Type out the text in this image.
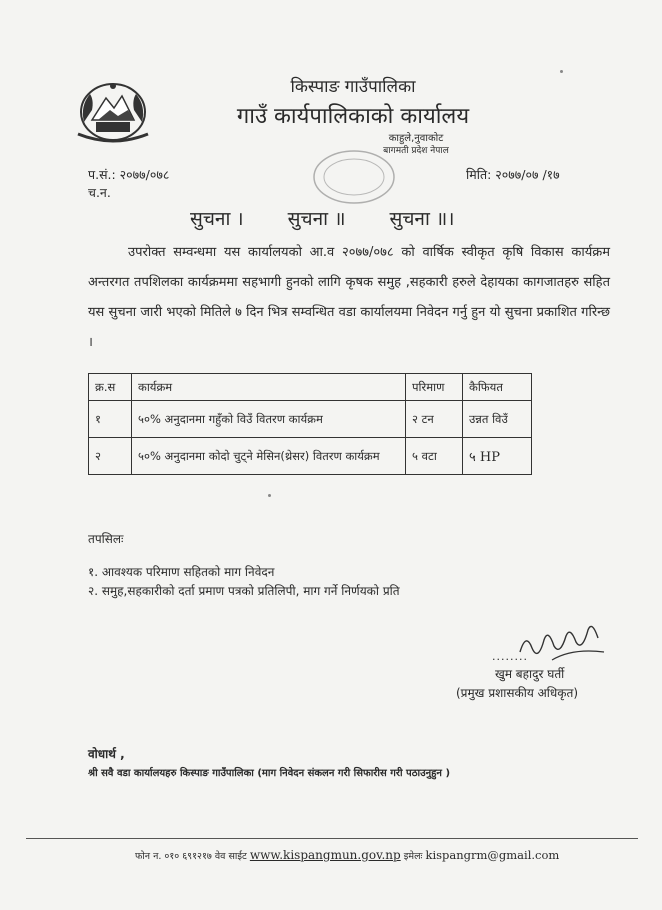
किस्पाङ गाउँपालिका
गाउँ कार्यपालिकाको कार्यालय
काहुले,नुवाकोट
बागमती प्रदेश नेपाल
प.सं.: २०७७/०७८
च.न.
मिति: २०७७/०७ /१७
सुचना । सुचना ॥ सुचना ॥।
उपरोक्त सम्वन्धमा यस कार्यालयको आ.व २०७७/०७८ को वार्षिक स्वीकृत कृषि विकास कार्यक्रम अन्तरगत तपशिलका कार्यक्रममा सहभागी हुनको लागि कृषक समुह ,सहकारी हरुले देहायका कागजातहरु सहित यस सुचना जारी भएको मितिले ७ दिन भित्र सम्वन्धित वडा कार्यालयमा निवेदन गर्नु हुन यो सुचना प्रकाशित गरिन्छ ।
क्र.स	कार्यक्रम	परिमाण	कैफियत
१	५०% अनुदानमा गहुँको विउँ वितरण कार्यक्रम	२ टन	उन्नत विउँ
२	५०% अनुदानमा कोदो चुट्ने मेसिन(थ्रेसर) वितरण कार्यक्रम	५ वटा	५ HP
तपसिलः
१. आवश्यक परिमाण सहितको माग निवेदन
२. समुह,सहकारीको दर्ता प्रमाण पत्रको प्रतिलिपी, माग गर्ने निर्णयको प्रति
........
खुम बहादुर घर्ती
(प्रमुख प्रशासकीय अधिकृत)
वोधार्थ ,
श्री सवै वडा कार्यालयहरु किस्पाङ गाउँपालिका (माग निवेदन संकलन गरी सिफारीस गरी पठाउनुहुन )
फोन न. ०१० ६९१२१७ वेव साईट www.kispangmun.gov.np इमेलः kispangrm@gmail.com
